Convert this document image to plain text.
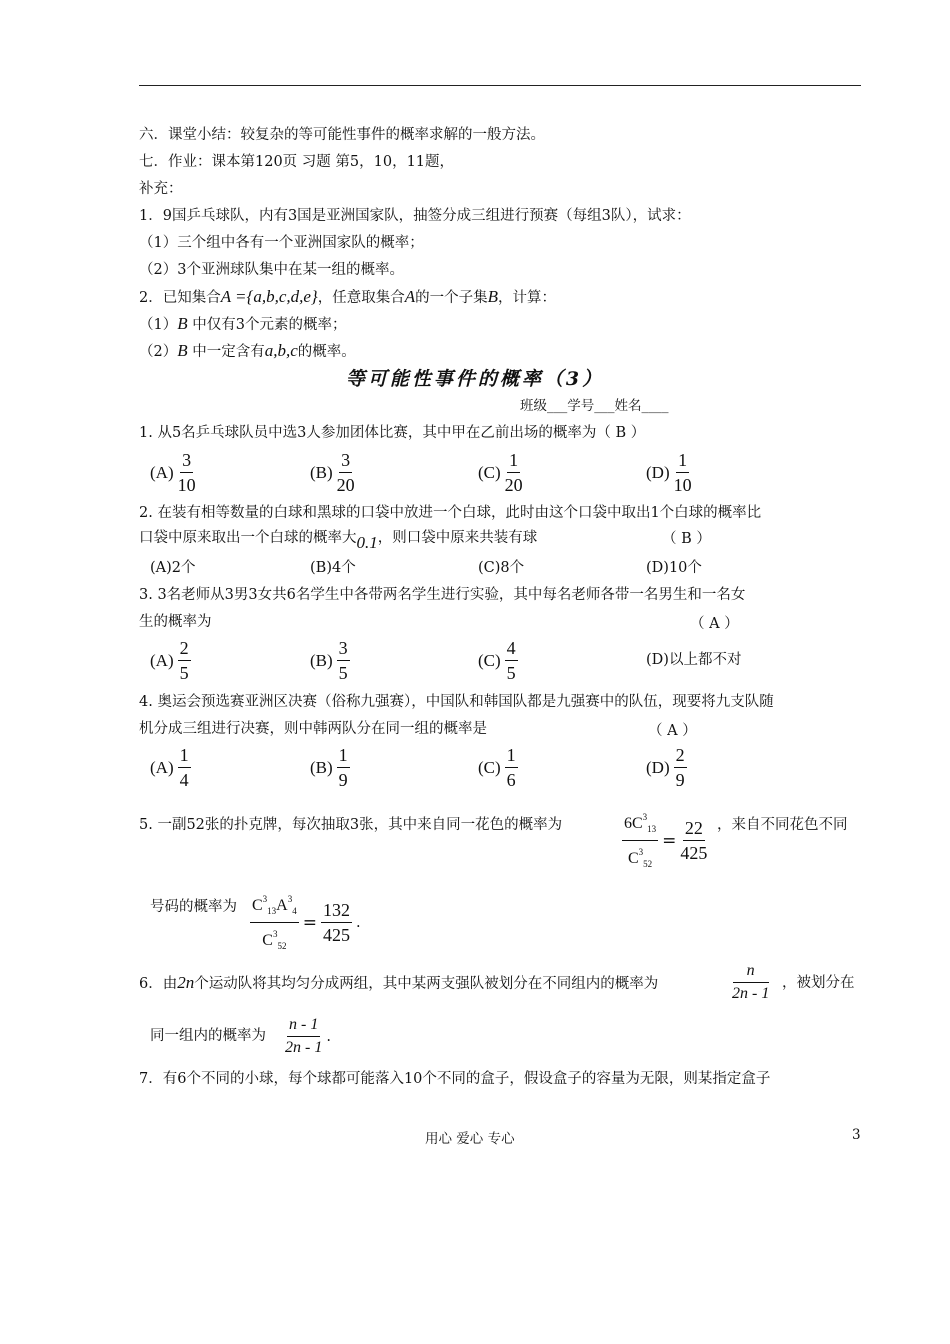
六．课堂小结：较复杂的等可能性事件的概率求解的一般方法。
七．作业：课本第120页 习题 第5，10，11题，
补充：
1．9国乒乓球队，内有3国是亚洲国家队，抽签分成三组进行预赛（每组3队），试求：
（1）三个组中各有一个亚洲国家队的概率；
（2）3个亚洲球队集中在某一组的概率。
2．已知集合A ={a,b,c,d,e}，任意取集合A的一个子集B，计算：
（1）B 中仅有3个元素的概率；
（2）B 中一定含有a,b,c的概率。
等可能性事件的概率（3）
班级___学号___姓名____
1. 从5名乒乓球队员中选3人参加团体比赛，其中甲在乙前出场的概率为（ B ）
$(A) \frac{3}{10}$	$(B) \frac{3}{20}$	$(C) \frac{1}{20}$	$(D) \frac{1}{10}$
2. 在装有相等数量的白球和黑球的口袋中放进一个白球，此时由这个口袋中取出1个白球的概率比
口袋中原来取出一个白球的概率大0.1，则口袋中原来共装有球	（ B ）
(A)2个	(B)4个	(C)8个	(D)10个
3. 3名老师从3男3女共6名学生中各带两名学生进行实验，其中每名老师各带一名男生和一名女
生的概率为	（ A ）
$(A) \frac{2}{5}$	$(B) \frac{3}{5}$	$(C) \frac{4}{5}$	(D)以上都不对
4. 奥运会预选赛亚洲区决赛（俗称九强赛），中国队和韩国队都是九强赛中的队伍，现要将九支队随
机分成三组进行决赛，则中韩两队分在同一组的概率是	（ A ）
$(A) \frac{1}{4}$	$(B) \frac{1}{9}$	$(C) \frac{1}{6}$	$(D) \frac{2}{9}$
5. 一副52张的扑克牌，每次抽取3张，其中来自同一花色的概率为	$\frac{6C^3_{13}}{C^3_{52}} = \frac{22}{425}$ ，来自不同花色不同
号码的概率为 $\frac{C^3_{13}A^3_4}{C^3_{52}} = \frac{132}{425}$ .
6．由2n个运动队将其均匀分成两组，其中某两支强队被划分在不同组内的概率为	$\frac{n}{2n - 1}$ ，被划分在
同一组内的概率为 $\frac{n - 1}{2n - 1}$ .
7．有6个不同的小球，每个球都可能落入10个不同的盒子，假设盒子的容量为无限，则某指定盒子
用心 爱心 专心	3
